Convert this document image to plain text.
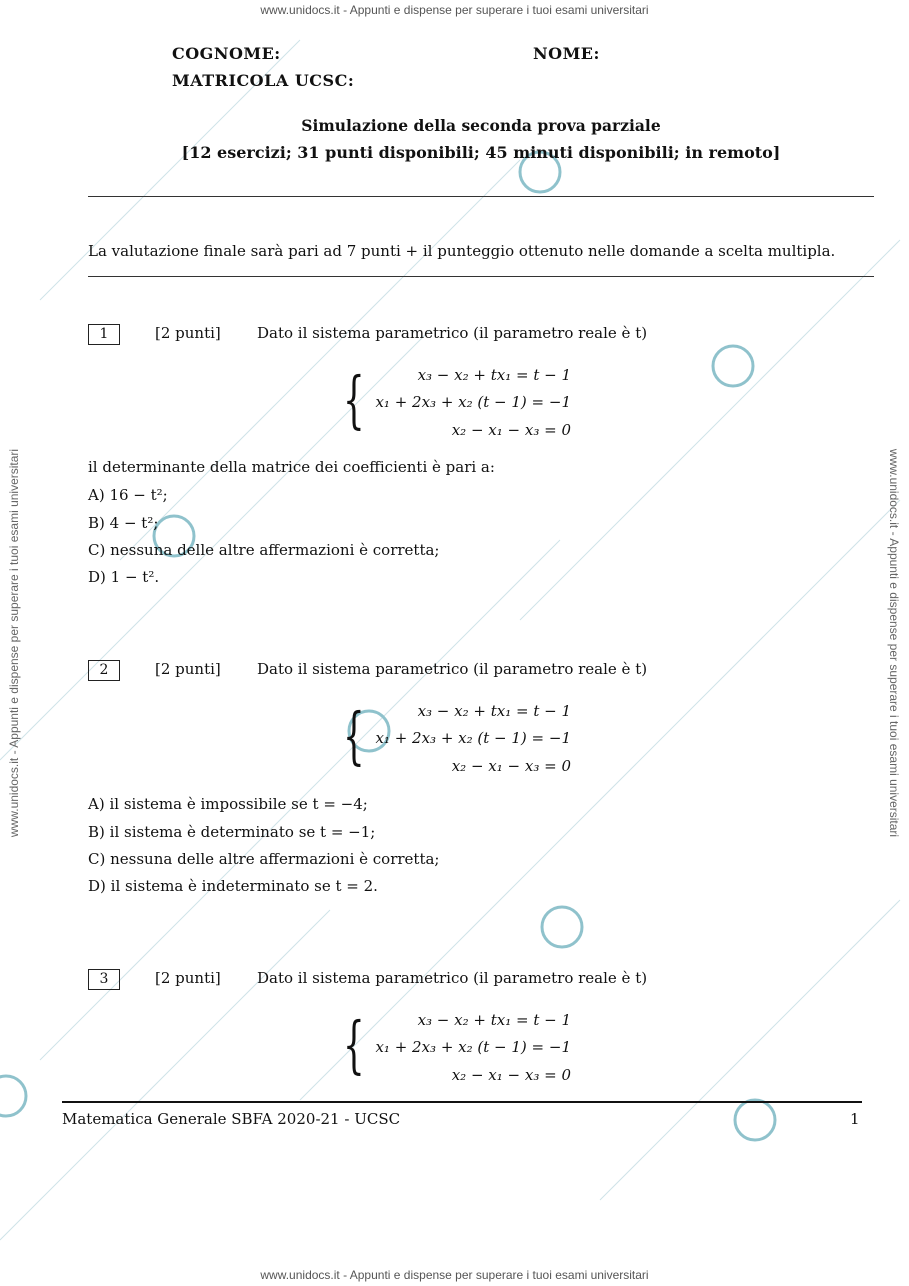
www.unidocs.it - Appunti e dispense per superare i tuoi esami universitari
www.unidocs.it - Appunti e dispense per superare i tuoi esami universitari
www.unidocs.it - Appunti e dispense per superare i tuoi esami universitari	www.unidocs.it - Appunti e dispense per superare i tuoi esami universitari
COGNOME:	NOME:
MATRICOLA UCSC:
Simulazione della seconda prova parziale
[12 esercizi; 31 punti disponibili; 45 minuti disponibili; in remoto]
La valutazione finale sarà pari ad 7 punti + il punteggio ottenuto nelle domande a scelta multipla.
1	[2 punti] Dato il sistema parametrico (il parametro reale è t)
{	x₃ − x₂ + tx₁ = t − 1
x₁ + 2x₃ + x₂ (t − 1) = −1
x₂ − x₁ − x₃ = 0
il determinante della matrice dei coefficienti è pari a:
A) 16 − t²;
B) 4 − t²;
C) nessuna delle altre affermazioni è corretta;
D) 1 − t².
2	[2 punti] Dato il sistema parametrico (il parametro reale è t)
{	x₃ − x₂ + tx₁ = t − 1
x₁ + 2x₃ + x₂ (t − 1) = −1
x₂ − x₁ − x₃ = 0
A) il sistema è impossibile se t = −4;
B) il sistema è determinato se t = −1;
C) nessuna delle altre affermazioni è corretta;
D) il sistema è indeterminato se t = 2.
3	[2 punti] Dato il sistema parametrico (il parametro reale è t)
{	x₃ − x₂ + tx₁ = t − 1
x₁ + 2x₃ + x₂ (t − 1) = −1
x₂ − x₁ − x₃ = 0
Matematica Generale SBFA 2020-21 - UCSC	1
